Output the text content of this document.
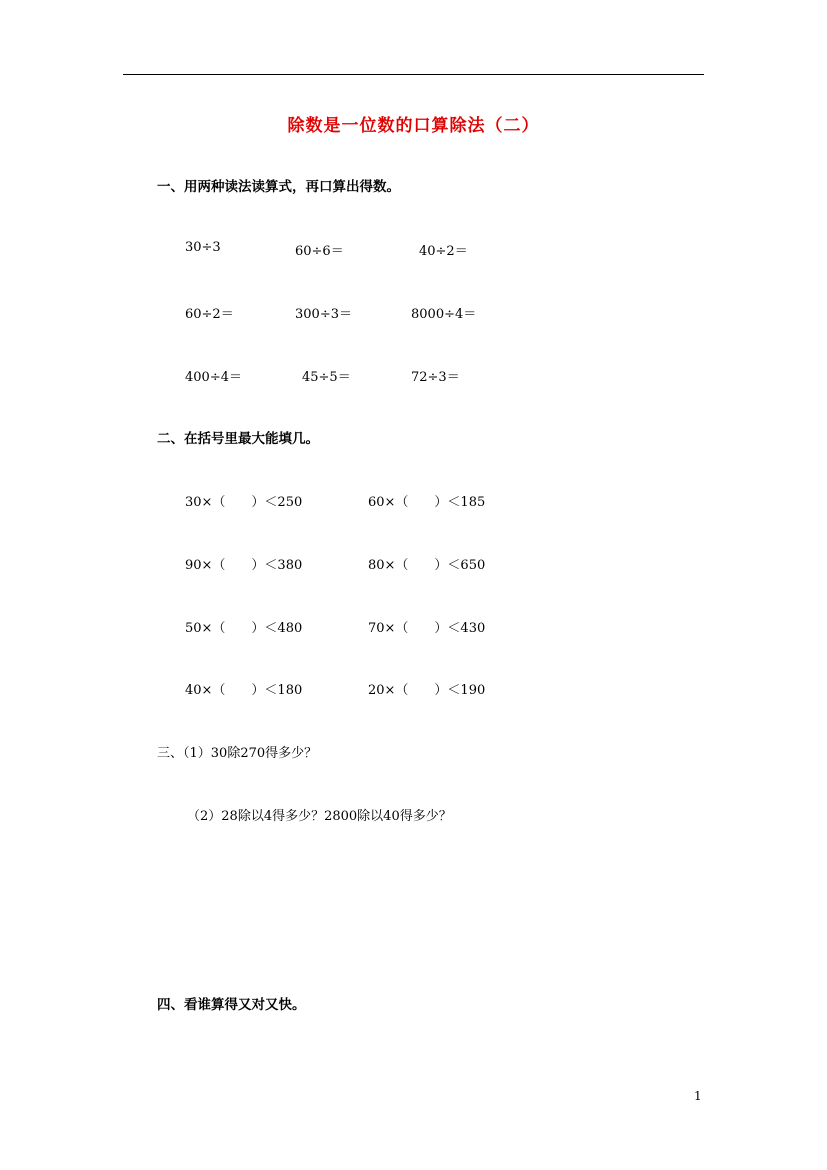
除数是一位数的口算除法（二）
一、用两种读法读算式，再口算出得数。
30÷3	60÷6＝	40÷2＝
60÷2＝	300÷3＝	8000÷4＝
400÷4＝	45÷5＝	72÷3＝
二、在括号里最大能填几。
30×（　　）＜250	60×（　　）＜185
90×（　　）＜380	80×（　　）＜650
50×（　　）＜480	70×（　　）＜430
40×（　　）＜180	20×（　　）＜190
三、（1）30除270得多少？
（2）28除以4得多少？2800除以40得多少？
四、看谁算得又对又快。
1
